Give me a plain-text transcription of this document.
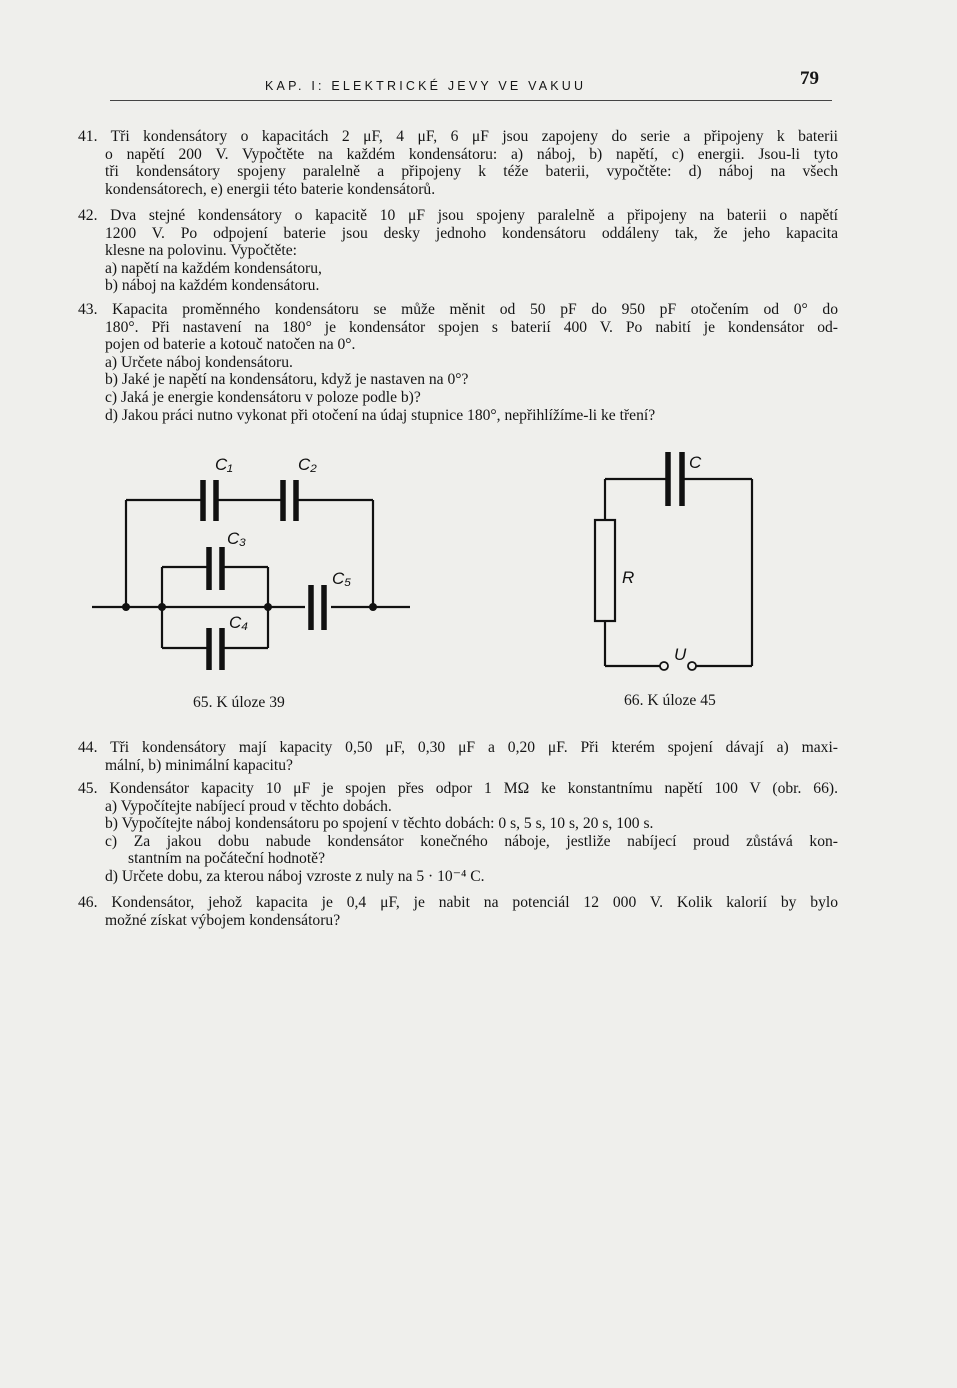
KAP. I: ELEKTRICKÉ JEVY VE VAKUU	79
41. Tři kondensátory o kapacitách 2 μF, 4 μF, 6 μF jsou zapojeny do serie a připojeny k baterii
o napětí 200 V. Vypočtěte na každém kondensátoru: a) náboj, b) napětí, c) energii. Jsou-li tyto
tři kondensátory spojeny paralelně a připojeny k téže baterii, vypočtěte: d) náboj na všech
kondensátorech, e) energii této baterie kondensátorů.
42. Dva stejné kondensátory o kapacitě 10 μF jsou spojeny paralelně a připojeny na baterii o napětí
1200 V. Po odpojení baterie jsou desky jednoho kondensátoru oddáleny tak, že jeho kapacita
klesne na polovinu. Vypočtěte:
a) napětí na každém kondensátoru,
b) náboj na každém kondensátoru.
43. Kapacita proměnného kondensátoru se může měnit od 50 pF do 950 pF otočením od 0° do
180°. Při nastavení na 180° je kondensátor spojen s baterií 400 V. Po nabití je kondensátor od-
pojen od baterie a kotouč natočen na 0°.
a) Určete náboj kondensátoru.
b) Jaké je napětí na kondensátoru, když je nastaven na 0°?
c) Jaká je energie kondensátoru v poloze podle b)?
d) Jakou práci nutno vykonat při otočení na údaj stupnice 180°, nepřihlížíme-li ke tření?
C₁	C₂
C₃
C₄
C₅
C
R
U
65. K úloze 39	66. K úloze 45
44. Tři kondensátory mají kapacity 0,50 μF, 0,30 μF a 0,20 μF. Při kterém spojení dávají a) maxi-
mální, b) minimální kapacitu?
45. Kondensátor kapacity 10 μF je spojen přes odpor 1 MΩ ke konstantnímu napětí 100 V (obr. 66).
a) Vypočítejte nabíjecí proud v těchto dobách.
b) Vypočítejte náboj kondensátoru po spojení v těchto dobách: 0 s, 5 s, 10 s, 20 s, 100 s.
c) Za jakou dobu nabude kondensátor konečného náboje, jestliže nabíjecí proud zůstává kon-
stantním na počáteční hodnotě?
d) Určete dobu, za kterou náboj vzroste z nuly na 5 · 10⁻⁴ C.
46. Kondensátor, jehož kapacita je 0,4 μF, je nabit na potenciál 12 000 V. Kolik kalorií by bylo
možné získat výbojem kondensátoru?
